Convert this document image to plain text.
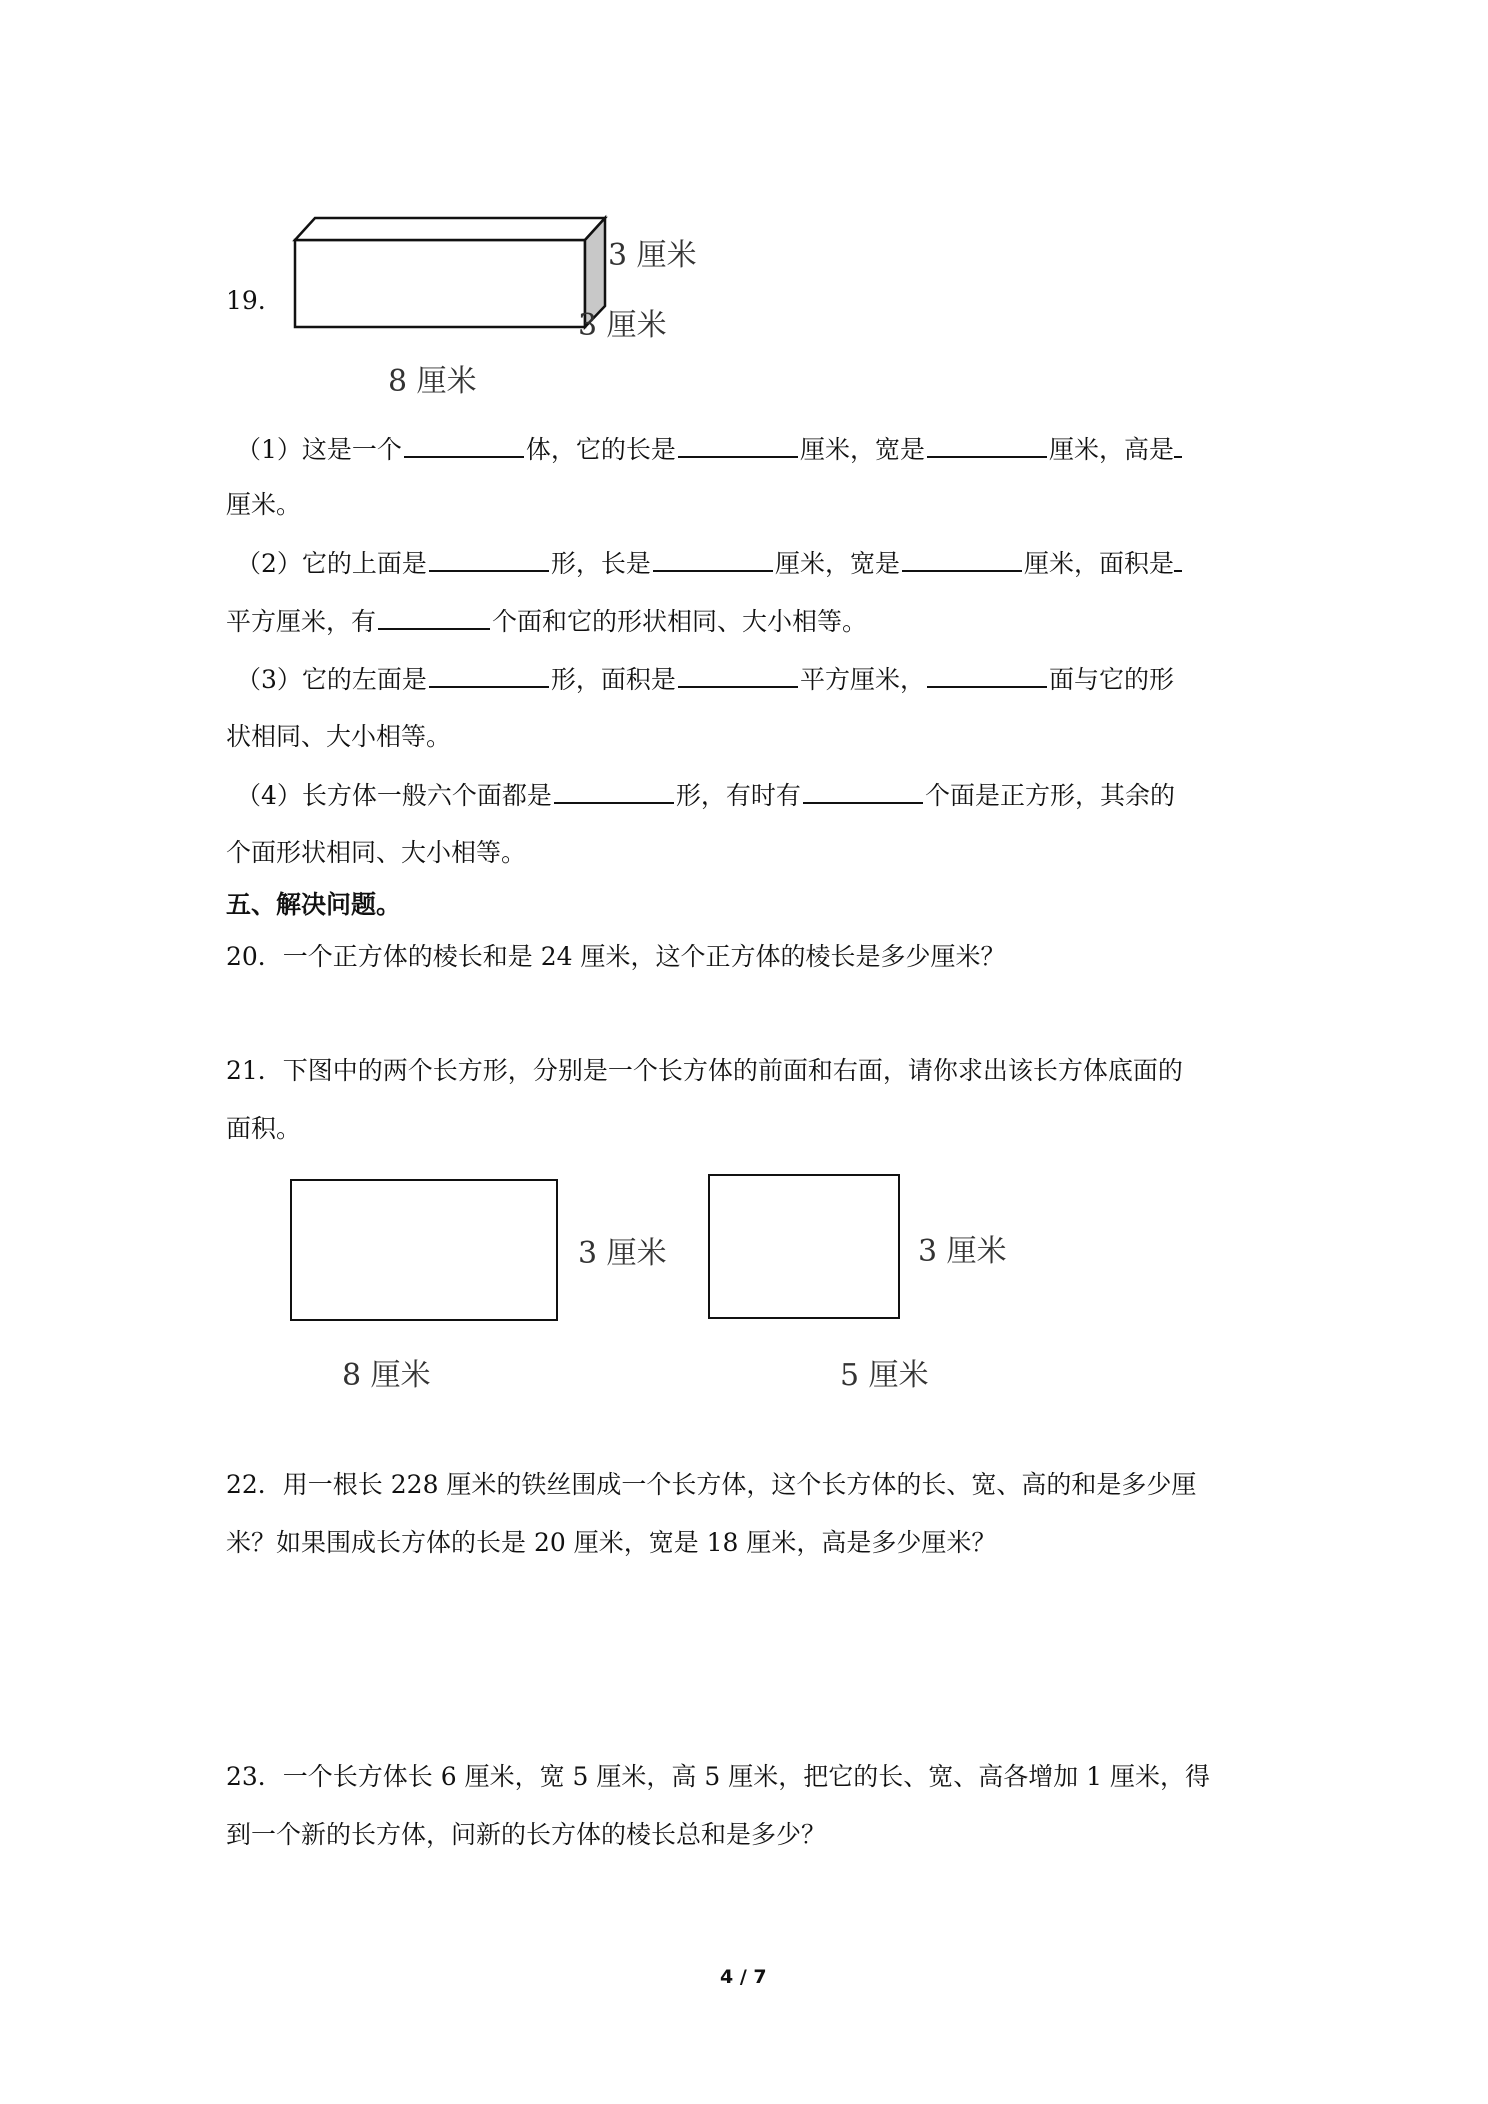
19.
3 厘米
3 厘米
8 厘米
（1）这是一个	体，它的长是	厘米，宽是	厘米，高是
厘米。
（2）它的上面是	形，长是	厘米，宽是	厘米，面积是
平方厘米，有	个面和它的形状相同、大小相等。
（3）它的左面是	形，面积是	平方厘米，	面与它的形
状相同、大小相等。
（4）长方体一般六个面都是	形，有时有	个面是正方形，其余的
个面形状相同、大小相等。
五、解决问题。
20．一个正方体的棱长和是 24 厘米，这个正方体的棱长是多少厘米？
21．下图中的两个长方形，分别是一个长方体的前面和右面，请你求出该长方体底面的
面积。
3 厘米
8 厘米
3 厘米
5 厘米
22．用一根长 228 厘米的铁丝围成一个长方体，这个长方体的长、宽、高的和是多少厘
米？如果围成长方体的长是 20 厘米，宽是 18 厘米，高是多少厘米？
23．一个长方体长 6 厘米，宽 5 厘米，高 5 厘米，把它的长、宽、高各增加 1 厘米，得
到一个新的长方体，问新的长方体的棱长总和是多少？
4 / 7
